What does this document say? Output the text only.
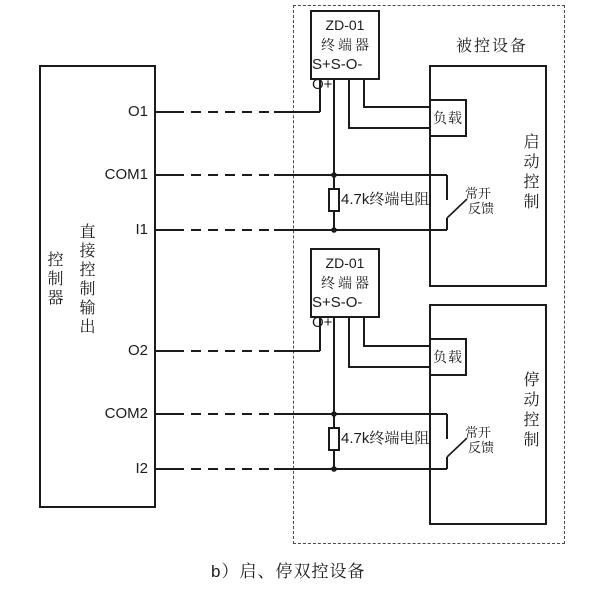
ZD-01
终端器
S+S-O-O+
ZD-01
终端器
S+S-O-O+
负载
负载
O1
COM1
I1
O2
COM2
I2
控制器 直接控制输出
被控设备
启动控制
停动控制
4.7k终端电阻
4.7k终端电阻
常开
反馈
常开
反馈
b）启、停双控设备
